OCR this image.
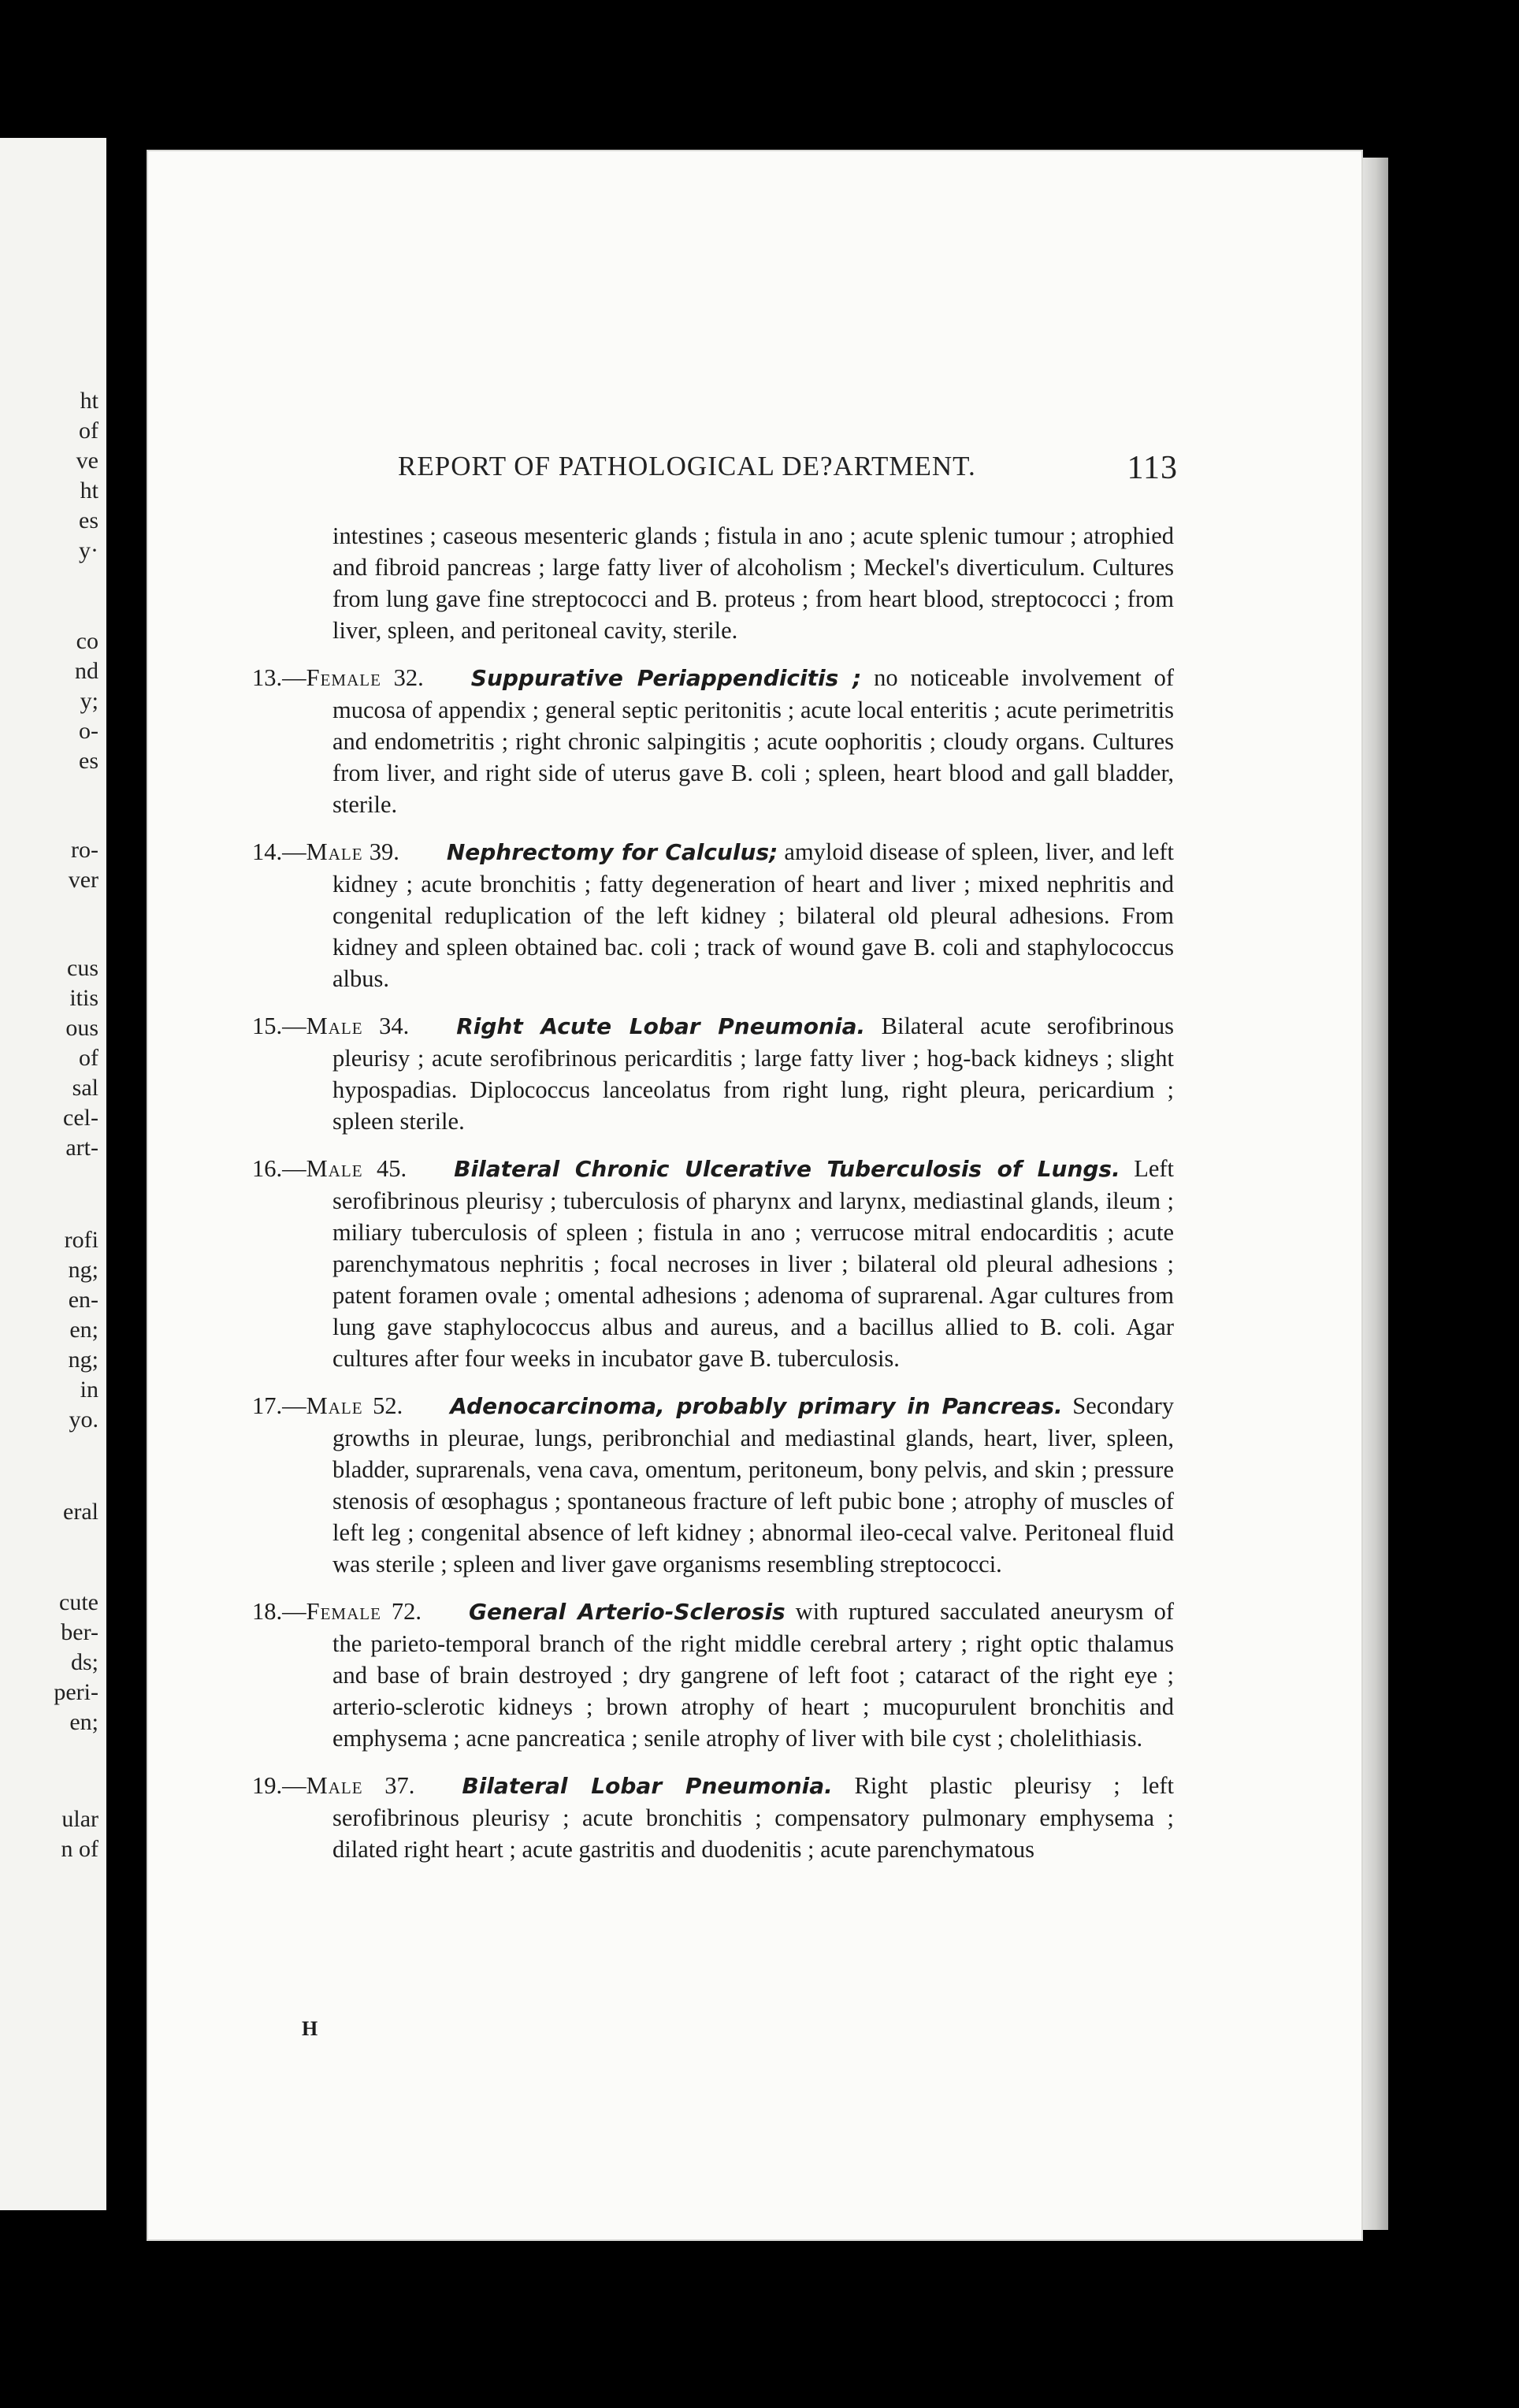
ht
of
ve
ht
es
y·
co
nd
y;
o-
es
ro-
ver
cus
itis
ous
of
sal
cel-
art-
rofi
ng;
en-
en;
ng;
in
yo.
eral
cute
ber-
ds;
peri-
en;
ular
n of
REPORT OF PATHOLOGICAL DE?ARTMENT.	113
intestines ; caseous mesenteric glands ; fistula in ano ; acute splenic tumour ; atrophied and fibroid pancreas ; large fatty liver of alcoholism ; Meckel's diverticulum. Cultures from lung gave fine streptococci and B. proteus ; from heart blood, streptococci ; from liver, spleen, and peritoneal cavity, sterile.
13.—Female 32. Suppurative Periappendicitis ; no noticeable involvement of mucosa of appendix ; general septic peritonitis ; acute local enteritis ; acute perimetritis and endometritis ; right chronic salpingitis ; acute oophoritis ; cloudy organs. Cultures from liver, and right side of uterus gave B. coli ; spleen, heart blood and gall bladder, sterile.
14.—Male 39. Nephrectomy for Calculus; amyloid disease of spleen, liver, and left kidney ; acute bronchitis ; fatty degeneration of heart and liver ; mixed nephritis and congenital reduplication of the left kidney ; bilateral old pleural adhesions. From kidney and spleen obtained bac. coli ; track of wound gave B. coli and staphylococcus albus.
15.—Male 34. Right Acute Lobar Pneumonia. Bilateral acute serofibrinous pleurisy ; acute serofibrinous pericarditis ; large fatty liver ; hog-back kidneys ; slight hypospadias. Diplococcus lanceolatus from right lung, right pleura, pericardium ; spleen sterile.
16.—Male 45. Bilateral Chronic Ulcerative Tuberculosis of Lungs. Left serofibrinous pleurisy ; tuberculosis of pharynx and larynx, mediastinal glands, ileum ; miliary tuberculosis of spleen ; fistula in ano ; verrucose mitral endocarditis ; acute parenchymatous nephritis ; focal necroses in liver ; bilateral old pleural adhesions ; patent foramen ovale ; omental adhesions ; adenoma of suprarenal. Agar cultures from lung gave staphylococcus albus and aureus, and a bacillus allied to B. coli. Agar cultures after four weeks in incubator gave B. tuberculosis.
17.—Male 52. Adenocarcinoma, probably primary in Pancreas. Secondary growths in pleurae, lungs, peribronchial and mediastinal glands, heart, liver, spleen, bladder, suprarenals, vena cava, omentum, peritoneum, bony pelvis, and skin ; pressure stenosis of œsophagus ; spontaneous fracture of left pubic bone ; atrophy of muscles of left leg ; congenital absence of left kidney ; abnormal ileo-cecal valve. Peritoneal fluid was sterile ; spleen and liver gave organisms resembling streptococci.
18.—Female 72. General Arterio-Sclerosis with ruptured sacculated aneurysm of the parieto-temporal branch of the right middle cerebral artery ; right optic thalamus and base of brain destroyed ; dry gangrene of left foot ; cataract of the right eye ; arterio-sclerotic kidneys ; brown atrophy of heart ; mucopurulent bronchitis and emphysema ; acne pancreatica ; senile atrophy of liver with bile cyst ; cholelithiasis.
19.—Male 37. Bilateral Lobar Pneumonia. Right plastic pleurisy ; left serofibrinous pleurisy ; acute bronchitis ; compensatory pulmonary emphysema ; dilated right heart ; acute gastritis and duodenitis ; acute parenchymatous
H
